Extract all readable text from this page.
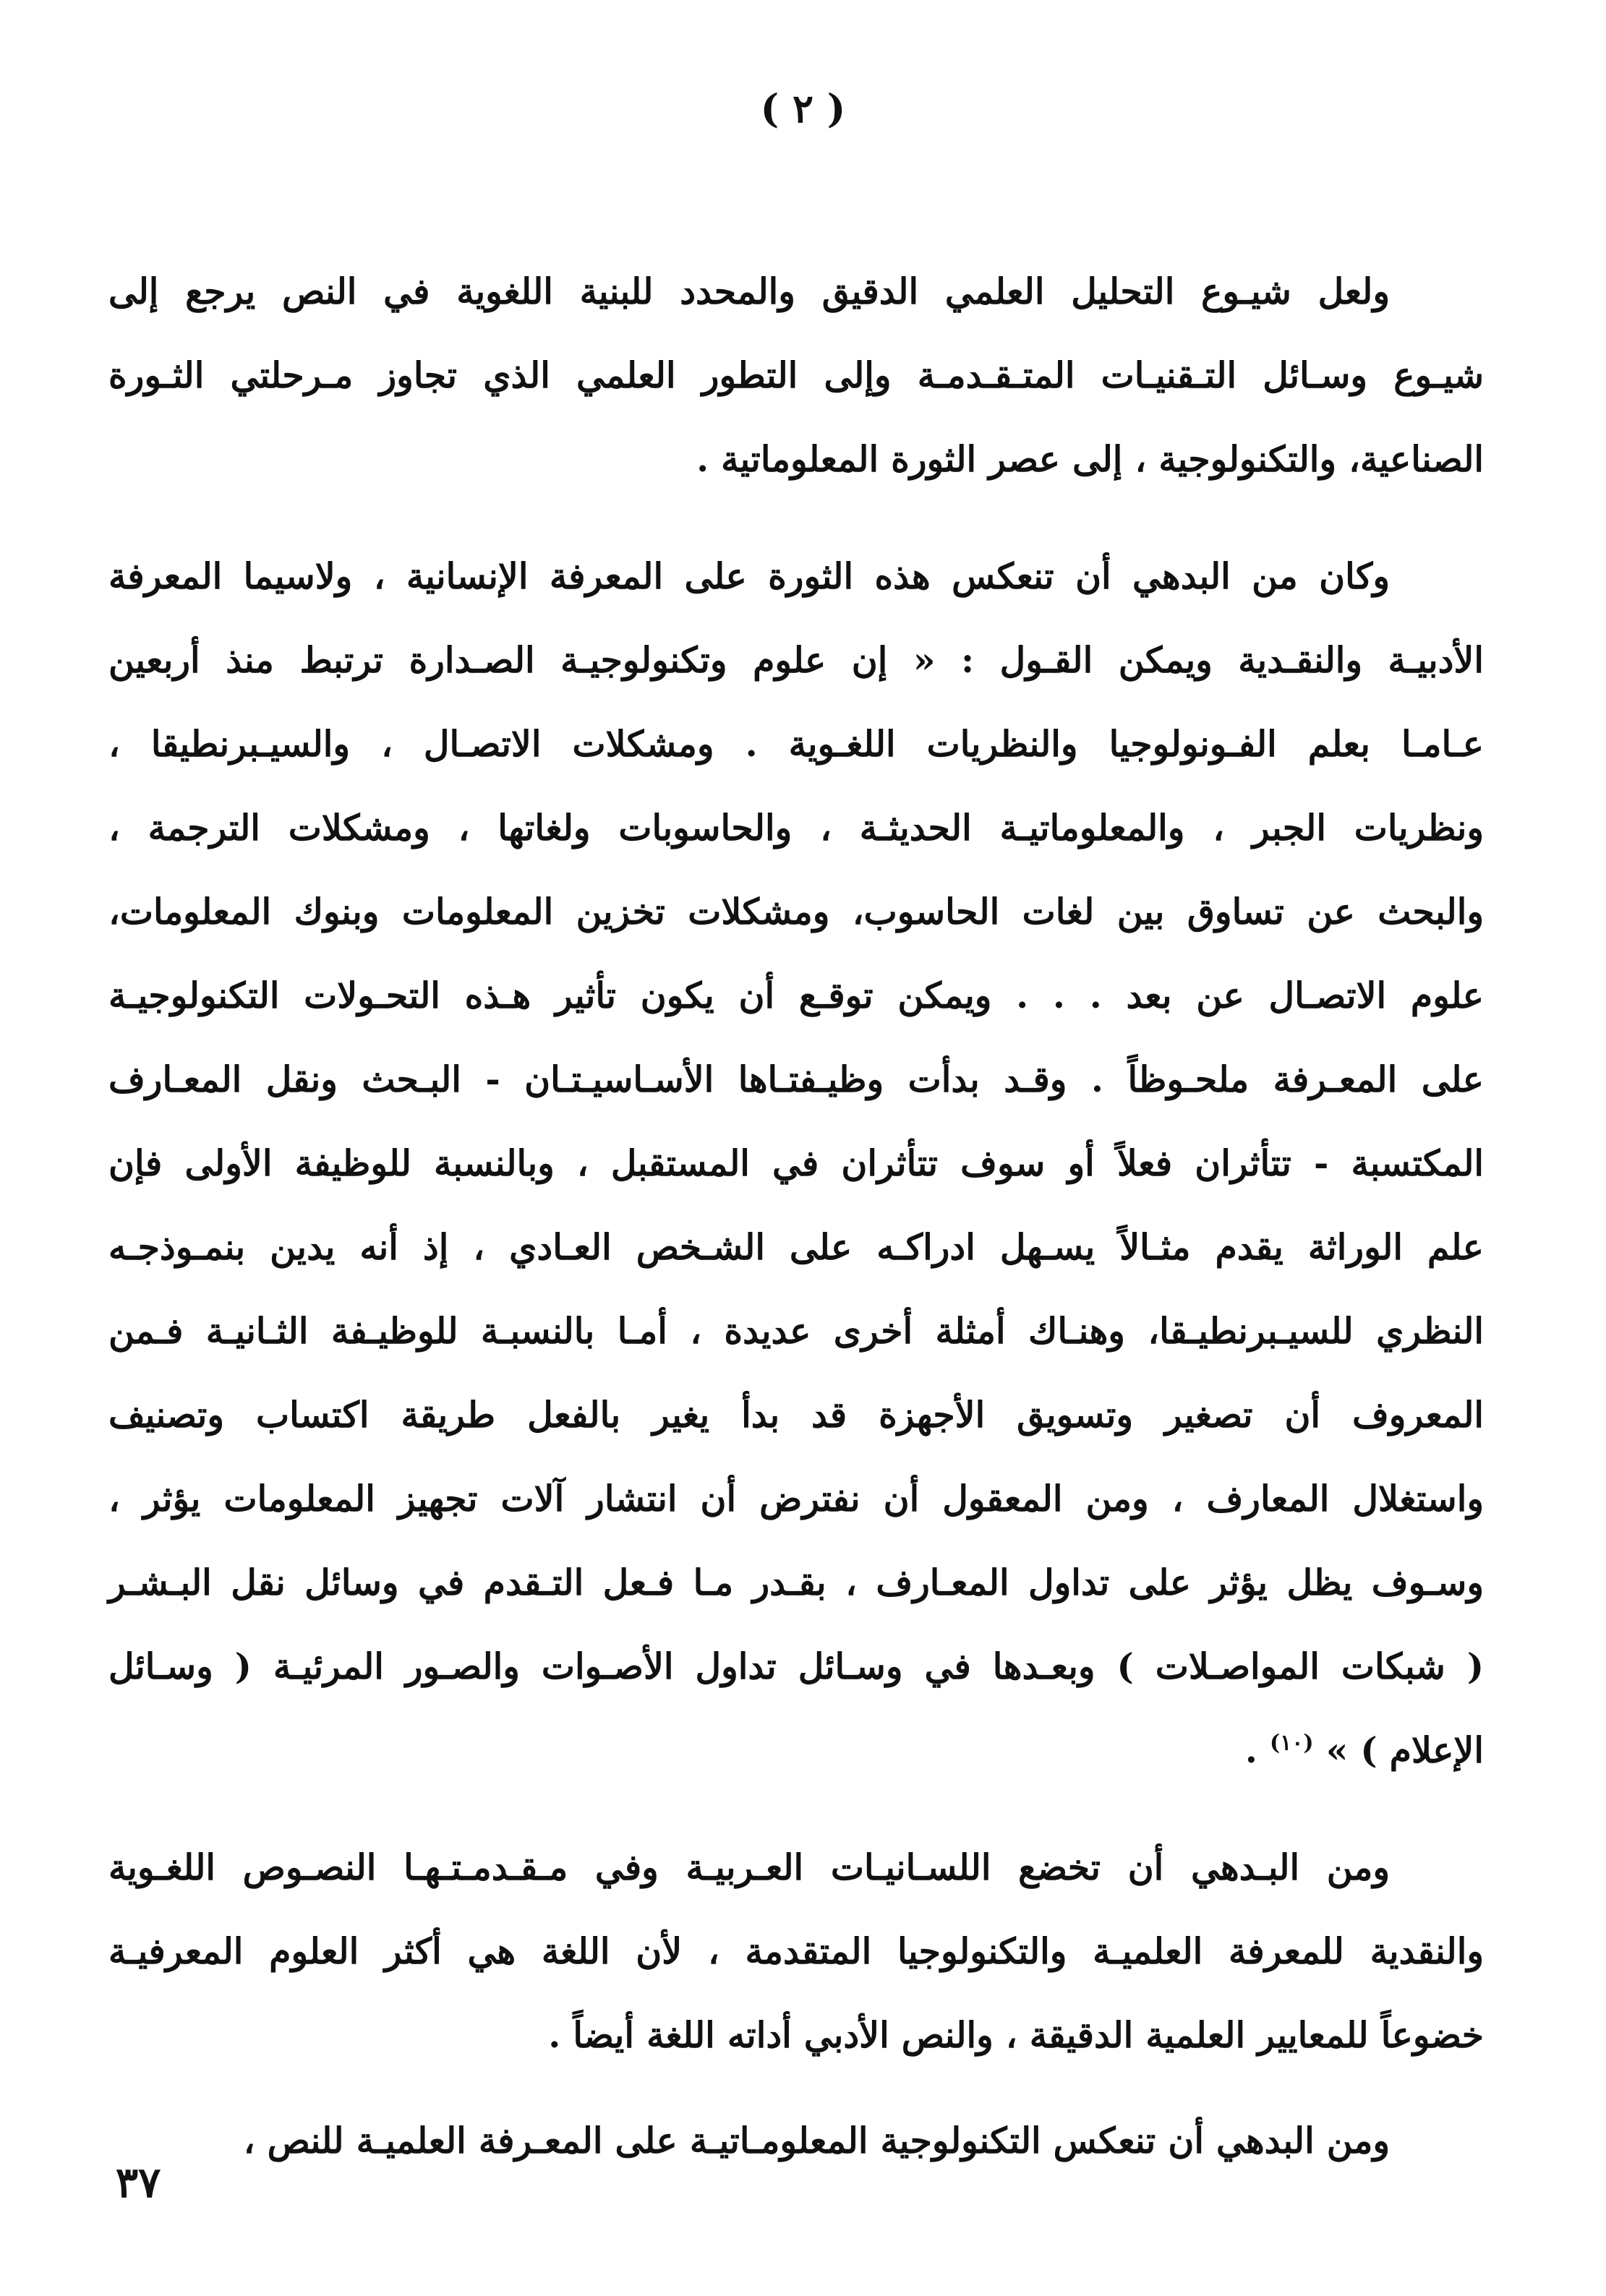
( ٢ )

ولعل شيـوع التحليل العلمي الدقيق والمحدد للبنية اللغوية في النص يرجع إلى
شيـوع وسـائل التـقنيـات المتـقـدمـة وإلى التطور العلمي الذي تجاوز مـرحلتي الثـورة
الصناعية، والتكنولوجية ، إلى عصر الثورة المعلوماتية .

وكان من البدهي أن تنعكس هذه الثورة على المعرفة الإنسانية ، ولاسيما المعرفة
الأدبيـة والنقـدية ويمكن القـول : « إن علوم وتكنولوجيـة الصـدارة ترتبط منذ أربعين
عـامـا بعلم الفـونولوجيا والنظريات اللغـوية . ومشكلات الاتصـال ، والسيـبرنطيقا ،
ونظريات الجبر ، والمعلوماتيـة الحديثـة ، والحاسوبات ولغاتها ، ومشكلات الترجمة ،
والبحث عن تساوق بين لغات الحاسوب، ومشكلات تخزين المعلومات وبنوك المعلومات،
علوم الاتصـال عن بعد . . . ويمكن توقـع أن يكون تأثير هـذه التحـولات التكنولوجيـة
على المعـرفة ملحـوظاً . وقـد بدأت وظيـفتـاها الأسـاسيـتـان - البـحث ونقل المعـارف
المكتسبة - تتأثران فعلاً أو سوف تتأثران في المستقبل ، وبالنسبة للوظيفة الأولى فإن
علم الوراثة يقدم مثـالاً يسـهل ادراكـه على الشـخص العـادي ، إذ أنه يدين بنمـوذجـه
النظري للسيـبرنطيـقا، وهنـاك أمثلة أخرى عديدة ، أمـا بالنسبـة للوظيـفة الثـانيـة فـمن
المعروف أن تصغير وتسويق الأجهزة قد بدأ يغير بالفعل طريقة اكتساب وتصنيف
واستغلال المعارف ، ومن المعقول أن نفترض أن انتشار آلات تجهيز المعلومات يؤثر ،
وسـوف يظل يؤثر على تداول المعـارف ، بقـدر مـا فـعل التـقدم في وسائل نقل البـشـر
( شبكات المواصـلات ) وبعـدها في وسـائل تداول الأصـوات والصـور المرئيـة ( وسـائل
الإعلام ) » $^{(١٠)}$ .

ومن البـدهي أن تخضع اللسـانيـات العـربيـة وفي مـقـدمـتـهـا النصـوص اللغـوية
والنقدية للمعرفة العلميـة والتكنولوجيا المتقدمة ، لأن اللغة هي أكثر العلوم المعرفيـة
خضوعاً للمعايير العلمية الدقيقة ، والنص الأدبي أداته اللغة أيضاً .

ومن البدهي أن تنعكس التكنولوجية المعلومـاتيـة على المعـرفة العلميـة للنص ،

٣٧
